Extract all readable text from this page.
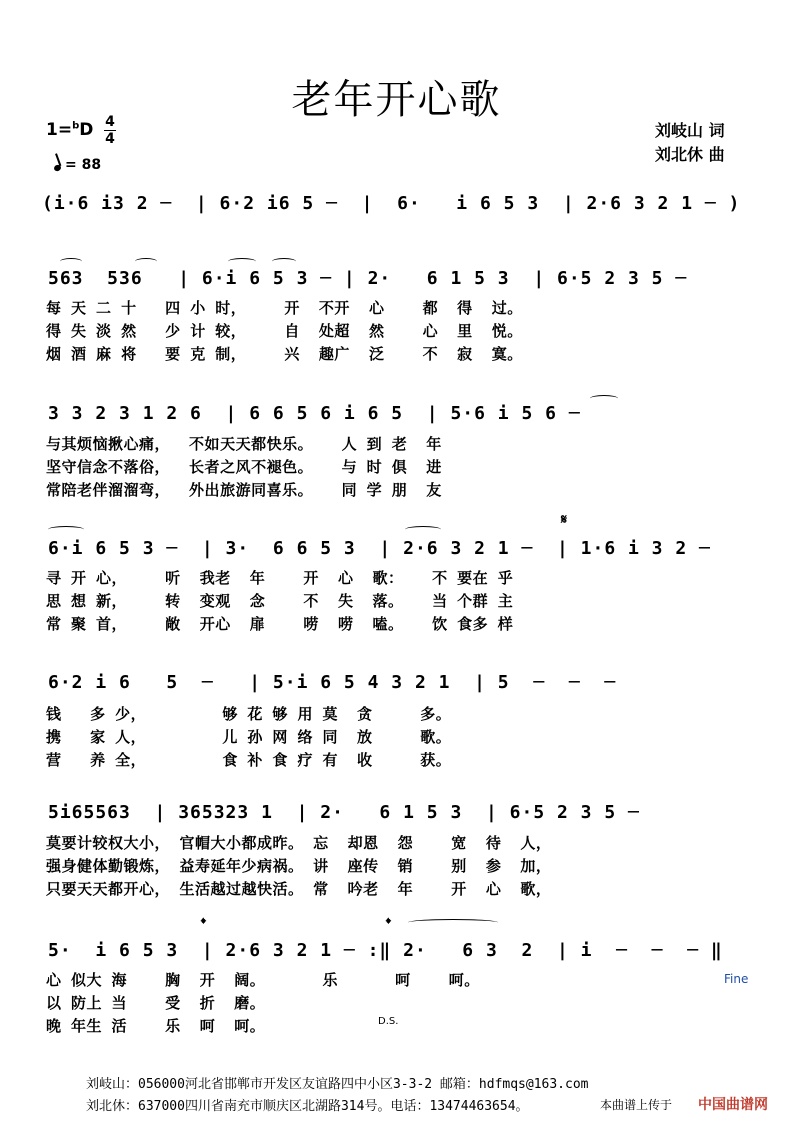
老年开心歌
刘岐山 词
刘北休 曲
1=$^b$D 4
4
= 88
(i·6 i3 2 ─  | 6·2 i6 5 ─  |  6·   i 6 5 3  | 2·6 3 2 1 ─ )
563  536   | 6·i 6 5 3 ─ | 2·   6 1 5 3  | 6·5 2 3 5 ─
每 天 二 十   四 小 时，    开  不开  心    都  得  过。
得 失 淡 然   少 计 较，    自  处超  然    心  里  悦。
烟 酒 麻 将   要 克 制，    兴  趣广  泛    不  寂  寞。
3 3 2 3 1 2 6  | 6 6 5 6 i 6 5  | 5·6 i 5 6 ─
与其烦恼揪心痛，  不如天天都快乐。   人 到 老  年
坚守信念不落俗，  长者之风不褪色。   与 时 俱  进
常陪老伴溜溜弯，  外出旅游同喜乐。   同 学 朋  友
𝄋
6·i 6 5 3 ─  | 3·  6 6 5 3  | 2·6 3 2 1 ─  | 1·6 i 3 2 ─
寻 开 心，    听  我老  年    开  心  歌：   不 要在 乎
思 想 新，    转  变观  念    不  失  落。   当 个群 主
常 聚 首，    敞  开心  扉    唠  唠  嗑。   饮 食多 样
6·2 i 6   5  ─   | 5·i 6 5 4 3 2 1  | 5  ─  ─  ─
钱   多 少，        够 花 够 用 莫  贪     多。
携   家 人，        儿 孙 网 络 同  放     歌。
营   养 全，        食 补 食 疗 有  收     获。
5i65563  | 365323 1  | 2·   6 1 5 3  | 6·5 2 3 5 ─
莫要计较权大小， 官帽大小都成昨。 忘  却恩  怨    宽  待  人，
强身健体勤锻炼， 益寿延年少病祸。 讲  座传  销    别  参  加，
只要天天都开心， 生活越过越快活。 常  吟老  年    开  心  歌，
𝄌	𝄌
5·  i 6 5 3  | 2·6 3 2 1 ─ :‖ 2·   6 3  2  | i  ─  ─  ─ ‖
心 似大 海    胸  开  阔。      乐      呵    呵。
以 防上 当    受  折  磨。
晚 年生 活    乐  呵  呵。
Fine
D.S.
刘岐山：056000河北省邯郸市开发区友谊路四中小区3-3-2 邮箱：hdfmqs@163.com
刘北休：637000四川省南充市顺庆区北湖路314号。电话：13474463654。	本曲谱上传于 中国曲谱网
